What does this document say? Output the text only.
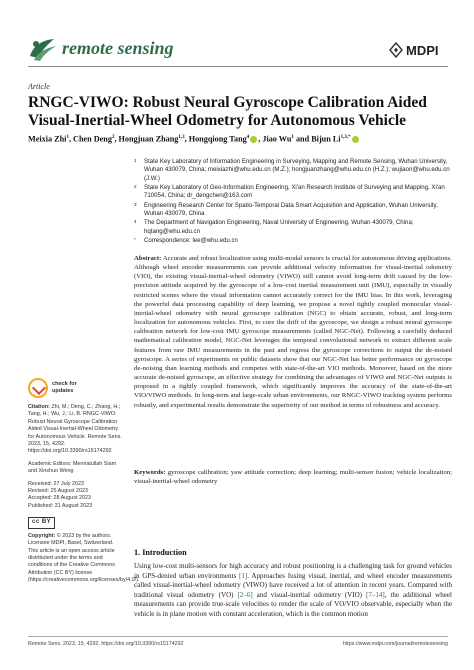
remote sensing	MDPI
Article
RNGC-VIWO: Robust Neural Gyroscope Calibration Aided Visual-Inertial-Wheel Odometry for Autonomous Vehicle
Meixia Zhi$^1$, Chen Deng$^2$, Hongjuan Zhang$^{1,3}$, Hongqiong Tang$^4$ , Jiao Wu$^1$ and Bijun $Li^{1,3,*}$
1 State Key Laboratory of Information Engineering in Surveying, Mapping and Remote Sensing, Wuhan University, Wuhan 430079, China; meixiazhi@whu.edu.cn (M.Z.); hongjuanzhang@whu.edu.cn (H.Z.); wujiaon@whu.edu.cn (J.W.)
2 State Key Laboratory of Geo-Information Engineering, Xi'an Research Institute of Surveying and Mapping, Xi'an 710054, China; dr_dengchen@163.com
3 Engineering Research Center for Spatio-Temporal Data Smart Acquisition and Application, Wuhan University, Wuhan 430079, China
4 The Department of Navigation Engineering, Naval University of Engineering, Wuhan 430079, China; hqtang@whu.edu.cn
* Correspondence: lee@whu.edu.cn
Abstract: Accurate and robust localization using multi-modal sensors is crucial for autonomous driving applications. Although wheel encoder measurements can provide additional velocity information for visual-inertial odometry (VIO), the existing visual-inertial-wheel odometry (VIWO) still cannot avoid long-term drift caused by the low-precision attitude acquired by the gyroscope of a low-cost inertial measurement unit (IMU), especially in visually restricted scenes where the visual information cannot accurately correct for the IMU bias. In this work, leveraging the powerful data processing capability of deep learning, we propose a novel tightly coupled monocular visual-inertial-wheel odometry with neural gyroscope calibration (NGC) to obtain accurate, robust, and long-term localization for autonomous vehicles. First, to cure the drift of the gyroscope, we design a robust neural gyroscope calibration network for low-cost IMU gyroscope measurements (called NGC-Net). Following a carefully deduced mathematical calibration model, NGC-Net leverages the temporal convolutional network to extract different scale features from raw IMU measurements in the past and regress the gyroscope corrections to output the de-noised gyroscope. A series of experiments on public datasets show that our NGC-Net has better performance on gyroscope de-noising than learning methods and competes with state-of-the-art VIO methods. Moreover, based on the more accurate de-noised gyroscope, an effective strategy for combining the advantages of VIWO and NGC-Net outputs is proposed in a tightly coupled framework, which significantly improves the accuracy of the state-of-the-art VIO/VIWO methods. In long-term and large-scale urban environments, our RNGC-VIWO tracking system performs robustly, and experimental results demonstrate the superiority of our method in terms of robustness and accuracy.
Keywords: gyroscope calibration; yaw attitude correction; deep learning; multi-sensor fusion; vehicle localization; visual-inertial-wheel odometry
check for updates
Citation: Zhi, M.; Deng, C.; Zhang, H.; Tang, H.; Wu, J.; Li, B. RNGC-VIWO: Robust Neural Gyroscope Calibration Aided Visual-Inertial-Wheel Odometry for Autonomous Vehicle. Remote Sens. 2023, 15, 4292. https://doi.org/10.3390/rs15174292
Academic Editors: Mennatullah Siam and Xinshuo Weng
Received: 27 July 2023
Revised: 25 August 2023
Accepted: 28 August 2023
Published: 31 August 2023
cc BY
Copyright: © 2023 by the authors. Licensee MDPI, Basel, Switzerland. This article is an open access article distributed under the terms and conditions of the Creative Commons Attribution (CC BY) license (https://creativecommons.org/licenses/by/4.0/).
1. Introduction
Using low-cost multi-sensors for high accuracy and robust positioning is a challenging task for ground vehicles in GPS-denied urban environments [1]. Approaches fusing visual, inertial, and wheel encoder measurements called visual-inertial-wheel odometry (VIWO) have received a lot of attention in recent years. Compared with traditional visual odometry (VO) [2–6] and visual-inertial odometry (VIO) [7–14], the additional wheel measurements can provide true-scale velocities to render the scale of VO/VIO observable, especially when the vehicle is in plane motion with constant acceleration, which is the common motion
Remote Sens. 2023, 15, 4292. https://doi.org/10.3390/rs15174292	https://www.mdpi.com/journal/remotesensing
